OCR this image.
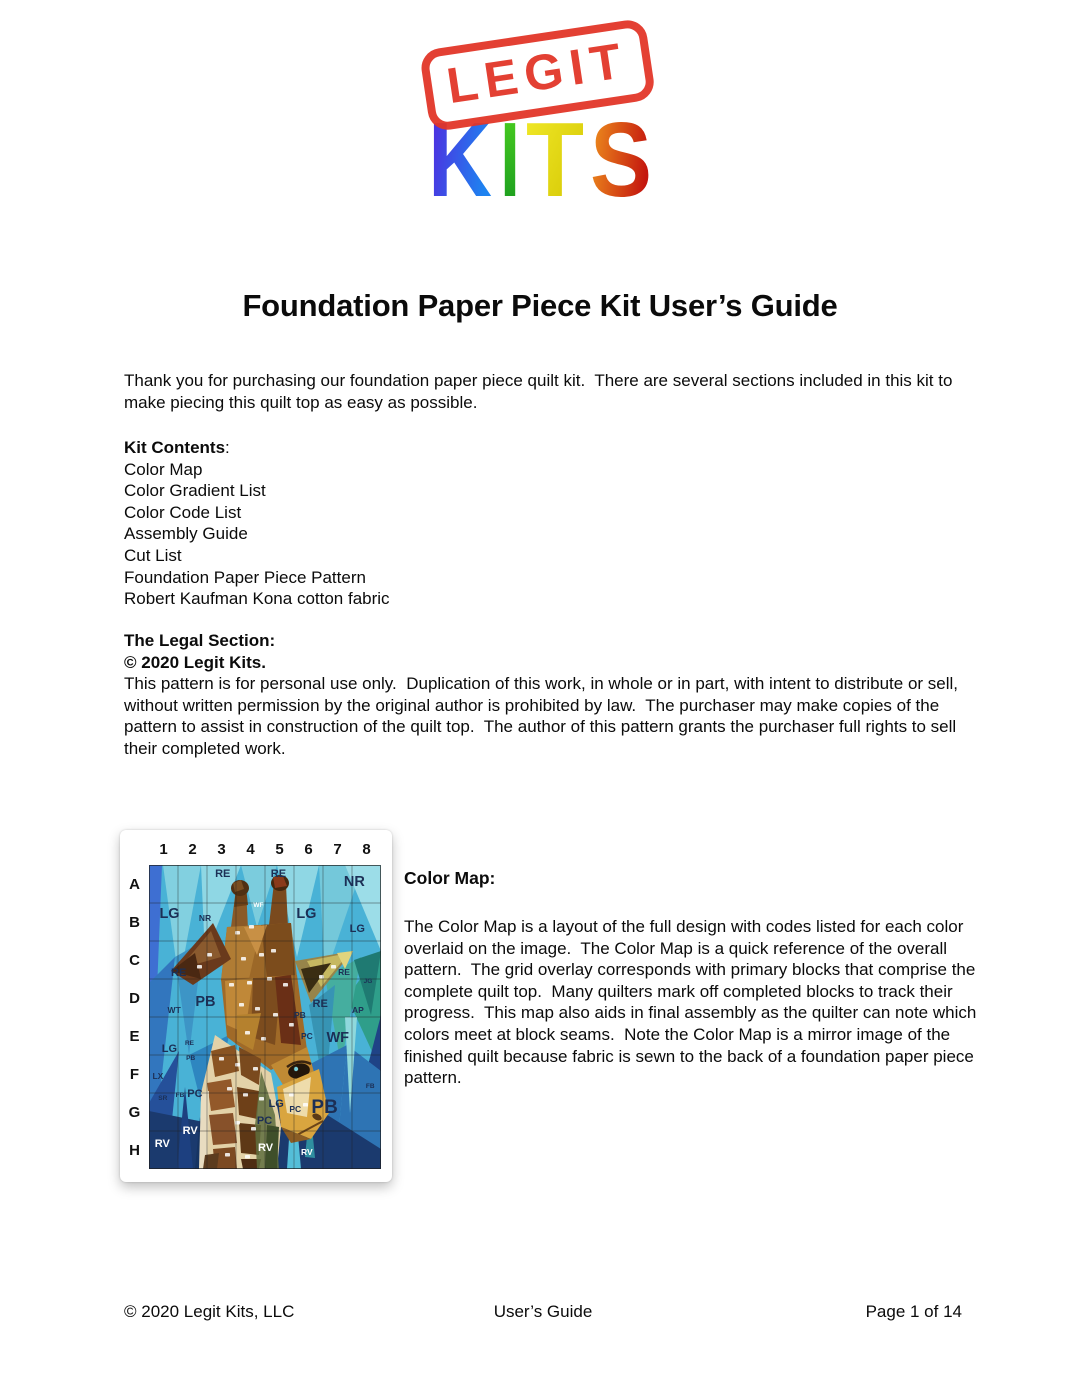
LEGIT
K I T S
Foundation Paper Piece Kit User’s Guide

Thank you for purchasing our foundation paper piece quilt kit.  There are several sections included in this kit to make piecing this quilt top as easy as possible.

Kit Contents:
Color Map
Color Gradient List
Color Code List
Assembly Guide
Cut List
Foundation Paper Piece Pattern
Robert Kaufman Kona cotton fabric

The Legal Section:

© 2020 Legit Kits.

This pattern is for personal use only.  Duplication of this work, in whole or in part, with intent to distribute or sell, without written permission by the original author is prohibited by law.  The purchaser may make copies of the pattern to assist in construction of the quilt top.  The author of this pattern grants the purchaser full rights to sell their completed work.

1	2	3	4	5	6	7	8
A
B
C
D
E
F
G
H
RE	RE
NR
LG NR
WF
LG
LG
RE	RE
JG
WT PB
PB
RE
AP
RE
PC WF
LG
LX
PB
FB
SR FB PC
LG PC PB
PC
RV
RV	RV	RV

Color Map:

The Color Map is a layout of the full design with codes listed for each color overlaid on the image.  The Color Map is a quick reference of the overall pattern.  The grid overlay corresponds with primary blocks that comprise the complete quilt top.  Many quilters mark off completed blocks to track their progress.  This map also aids in final assembly as the quilter can note which colors meet at block seams.  Note the Color Map is a mirror image of the finished quilt because fabric is sewn to the back of a foundation paper piece pattern.

© 2020 Legit Kits, LLC	User’s Guide	Page 1 of 14
